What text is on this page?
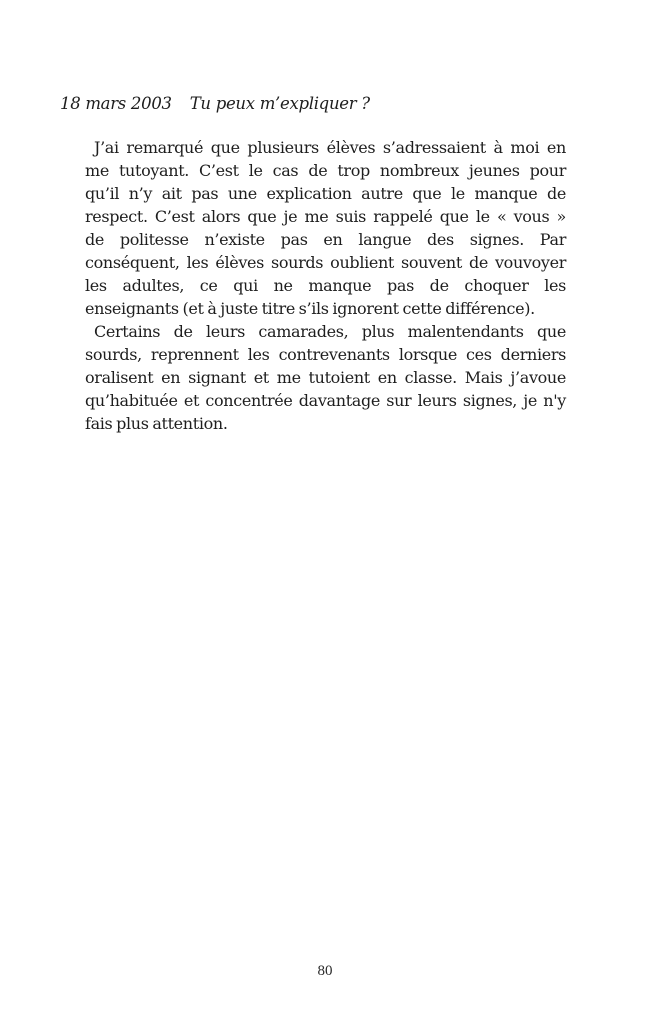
18 mars 2003 Tu peux m’expliquer ?
J’ai remarqué que plusieurs élèves s’adressaient à moi en
me tutoyant. C’est le cas de trop nombreux jeunes pour
qu’il n’y ait pas une explication autre que le manque de
respect. C’est alors que je me suis rappelé que le « vous »
de politesse n’existe pas en langue des signes. Par
conséquent, les élèves sourds oublient souvent de vouvoyer
les adultes, ce qui ne manque pas de choquer les
enseignants (et à juste titre s’ils ignorent cette différence).
Certains de leurs camarades, plus malentendants que
sourds, reprennent les contrevenants lorsque ces derniers
oralisent en signant et me tutoient en classe. Mais j’avoue
qu’habituée et concentrée davantage sur leurs signes, je n'y
fais plus attention.
80
